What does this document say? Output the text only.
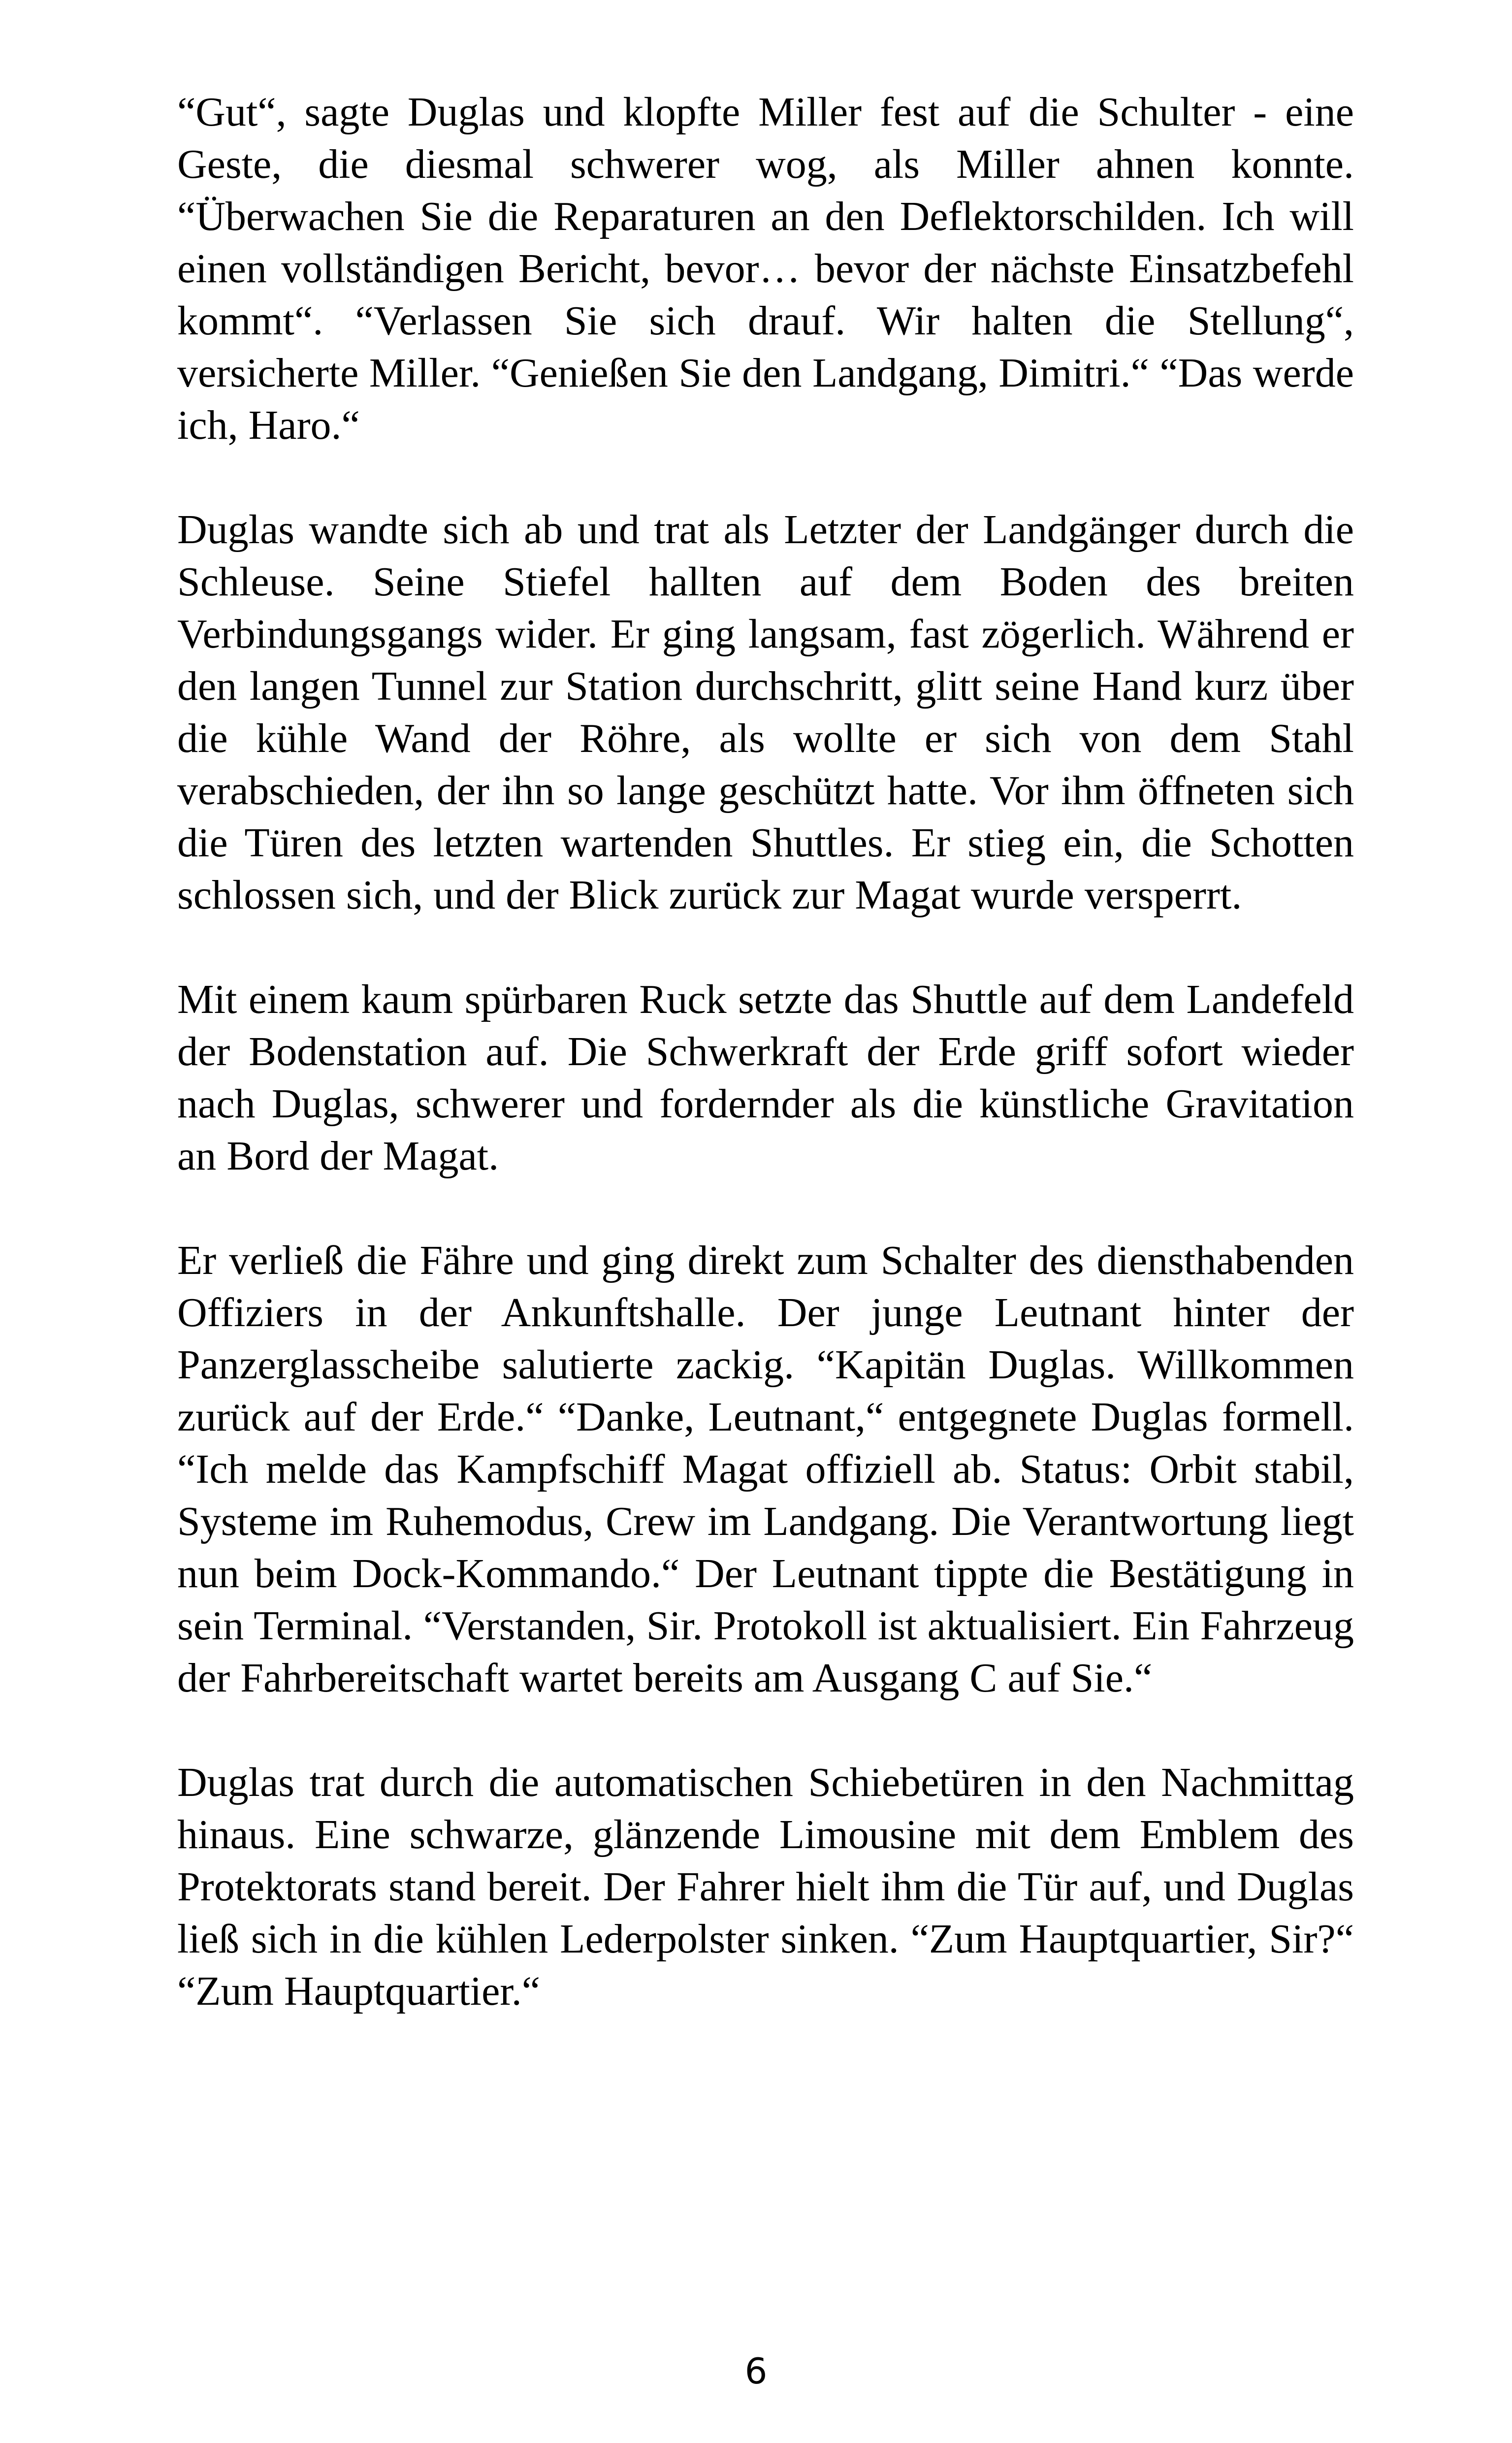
“Gut“, sagte Duglas und klopfte Miller fest auf die Schulter - eine Geste, die diesmal schwerer wog, als Miller ahnen konnte. “Überwachen Sie die Reparaturen an den Deflektorschilden. Ich will einen vollständigen Bericht, bevor… bevor der nächste Einsatzbefehl kommt“. “Verlassen Sie sich drauf. Wir halten die Stellung“, versicherte Miller. “Genießen Sie den Landgang, Dimitri.“ “Das werde ich, Haro.“

Duglas wandte sich ab und trat als Letzter der Landgänger durch die Schleuse. Seine Stiefel hallten auf dem Boden des breiten Verbindungsgangs wider. Er ging langsam, fast zögerlich. Während er den langen Tunnel zur Station durchschritt, glitt seine Hand kurz über die kühle Wand der Röhre, als wollte er sich von dem Stahl verabschieden, der ihn so lange geschützt hatte. Vor ihm öffneten sich die Türen des letzten wartenden Shuttles. Er stieg ein, die Schotten schlossen sich, und der Blick zurück zur Magat wurde versperrt.

Mit einem kaum spürbaren Ruck setzte das Shuttle auf dem Landefeld der Bodenstation auf. Die Schwerkraft der Erde griff sofort wieder nach Duglas, schwerer und fordernder als die künstliche Gravitation an Bord der Magat.

Er verließ die Fähre und ging direkt zum Schalter des diensthabenden Offiziers in der Ankunftshalle. Der junge Leutnant hinter der Panzerglasscheibe salutierte zackig. “Kapitän Duglas. Willkommen zurück auf der Erde.“ “Danke, Leutnant,“ entgegnete Duglas formell. “Ich melde das Kampfschiff Magat offiziell ab. Status: Orbit stabil, Systeme im Ruhemodus, Crew im Landgang. Die Verantwortung liegt nun beim Dock-Kommando.“ Der Leutnant tippte die Bestätigung in sein Terminal. “Verstanden, Sir. Protokoll ist aktualisiert. Ein Fahrzeug der Fahrbereitschaft wartet bereits am Ausgang C auf Sie.“

Duglas trat durch die automatischen Schiebetüren in den Nachmittag hinaus. Eine schwarze, glänzende Limousine mit dem Emblem des Protektorats stand bereit. Der Fahrer hielt ihm die Tür auf, und Duglas ließ sich in die kühlen Lederpolster sinken. “Zum Hauptquartier, Sir?“ “Zum Hauptquartier.“

6
